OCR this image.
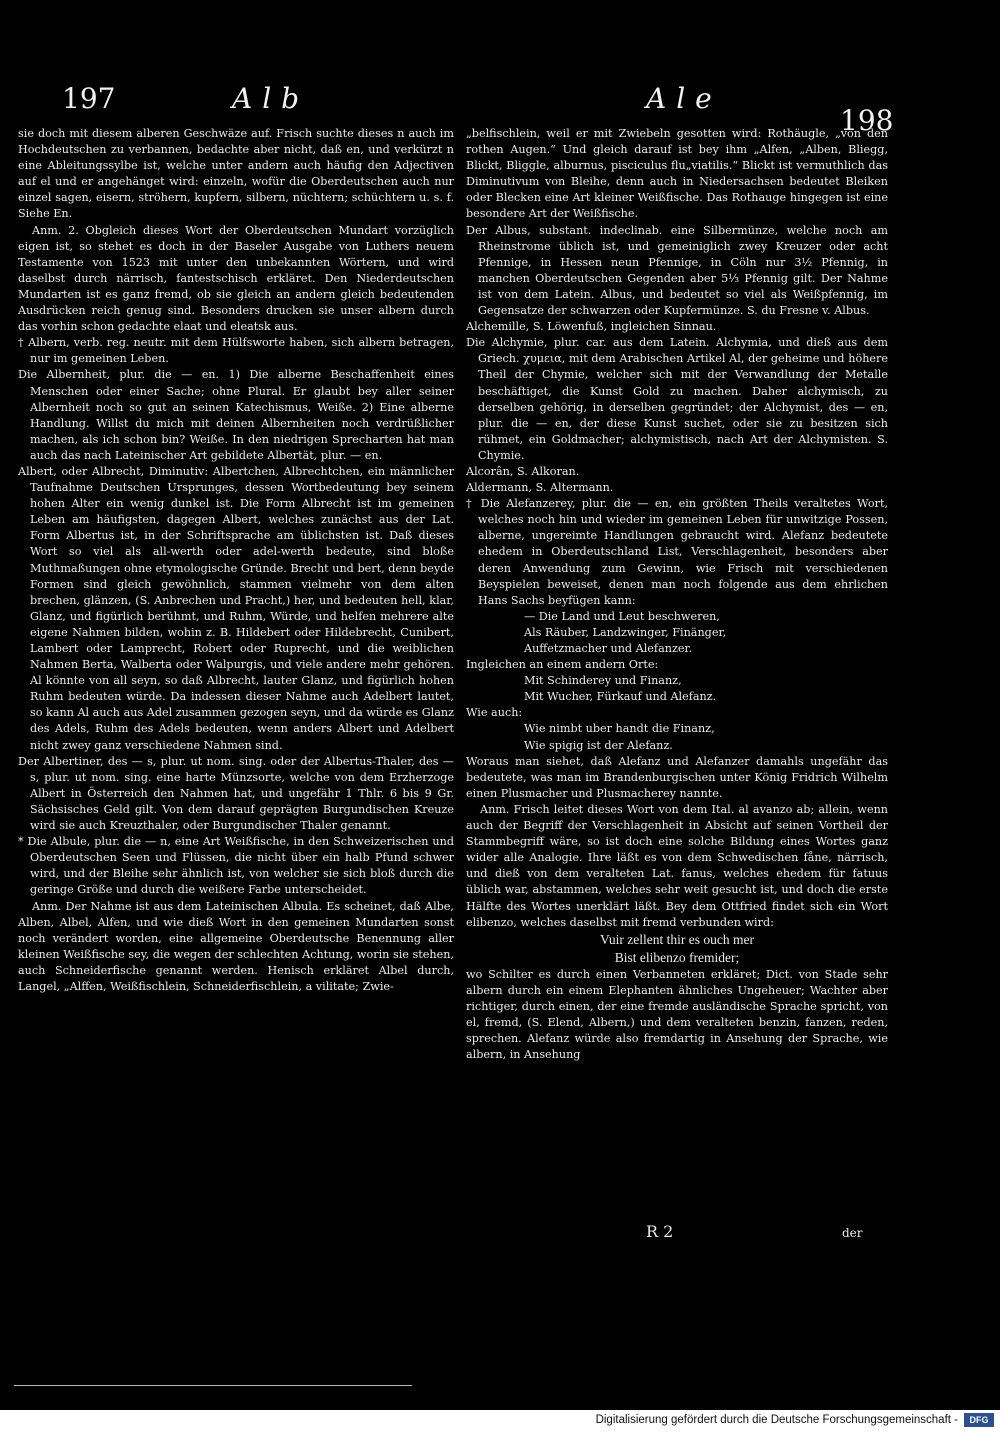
197	Alb	Ale
198

sie doch mit diesem alberen Geschwäze auf. Frisch suchte dieses n auch im Hochdeutschen zu verbannen, bedachte aber nicht, daß en, und verkürzt n eine Ableitungssylbe ist, welche unter andern auch häufig den Adjectiven auf el und er angehänget wird: einzeln, wofür die Oberdeutschen auch nur einzel sagen, eisern, ströhern, kupfern, silbern, nüchtern; schüchtern u. s. f. Siehe En.

Anm. 2. Obgleich dieses Wort der Oberdeutschen Mundart vorzüglich eigen ist, so stehet es doch in der Baseler Ausgabe von Luthers neuem Testamente von 1523 mit unter den unbekannten Wörtern, und wird daselbst durch närrisch, fantestschisch erkläret. Den Niederdeutschen Mundarten ist es ganz fremd, ob sie gleich an andern gleich bedeutenden Ausdrücken reich genug sind. Besonders drucken sie unser albern durch das vorhin schon gedachte elaat und eleatsk aus.

† Albern, verb. reg. neutr. mit dem Hülfsworte haben, sich albern betragen, nur im gemeinen Leben.

Die Albernheit, plur. die — en. 1) Die alberne Beschaffenheit eines Menschen oder einer Sache; ohne Plural. Er glaubt bey aller seiner Albernheit noch so gut an seinen Katechismus, Weiße. 2) Eine alberne Handlung. Willst du mich mit deinen Albernheiten noch verdrüßlicher machen, als ich schon bin? Weiße. In den niedrigen Sprecharten hat man auch das nach Lateinischer Art gebildete Albertät, plur. — en.

Albert, oder Albrecht, Diminutiv: Albertchen, Albrechtchen, ein männlicher Taufnahme Deutschen Ursprunges, dessen Wortbedeutung bey seinem hohen Alter ein wenig dunkel ist. Die Form Albrecht ist im gemeinen Leben am häufigsten, dagegen Albert, welches zunächst aus der Lat. Form Albertus ist, in der Schriftsprache am üblichsten ist. Daß dieses Wort so viel als all-werth oder adel-werth bedeute, sind bloße Muthmaßungen ohne etymologische Gründe. Brecht und bert, denn beyde Formen sind gleich gewöhnlich, stammen vielmehr von dem alten brechen, glänzen, (S. Anbrechen und Pracht,) her, und bedeuten hell, klar, Glanz, und figürlich berühmt, und Ruhm, Würde, und helfen mehrere alte eigene Nahmen bilden, wohin z. B. Hildebert oder Hildebrecht, Cunibert, Lambert oder Lamprecht, Robert oder Ruprecht, und die weiblichen Nahmen Berta, Walberta oder Walpurgis, und viele andere mehr gehören. Al könnte von all seyn, so daß Albrecht, lauter Glanz, und figürlich hohen Ruhm bedeuten würde. Da indessen dieser Nahme auch Adelbert lautet, so kann Al auch aus Adel zusammen gezogen seyn, und da würde es Glanz des Adels, Ruhm des Adels bedeuten, wenn anders Albert und Adelbert nicht zwey ganz verschiedene Nahmen sind.

Der Albertiner, des — s, plur. ut nom. sing. oder der Albertus-Thaler, des — s, plur. ut nom. sing. eine harte Münzsorte, welche von dem Erzherzoge Albert in Österreich den Nahmen hat, und ungefähr 1 Thlr. 6 bis 9 Gr. Sächsisches Geld gilt. Von dem darauf geprägten Burgundischen Kreuze wird sie auch Kreuzthaler, oder Burgundischer Thaler genannt.

* Die Albule, plur. die — n, eine Art Weißfische, in den Schweizerischen und Oberdeutschen Seen und Flüssen, die nicht über ein halb Pfund schwer wird, und der Bleihe sehr ähnlich ist, von welcher sie sich bloß durch die geringe Größe und durch die weißere Farbe unterscheidet.

Anm. Der Nahme ist aus dem Lateinischen Albula. Es scheinet, daß Albe, Alben, Albel, Alfen, und wie dieß Wort in den gemeinen Mundarten sonst noch verändert worden, eine allgemeine Oberdeutsche Benennung aller kleinen Weißfische sey, die wegen der schlechten Achtung, worin sie stehen, auch Schneiderfische genannt werden. Henisch erkläret Albel durch, Langel, „Alffen, Weißfischlein, Schneiderfischlein, a vilitate; Zwie-

„belfischlein, weil er mit Zwiebeln gesotten wird: Rothäugle, „von den rothen Augen.“ Und gleich darauf ist bey ihm „Alfen, „Alben, Bliegg, Blickt, Bliggle, alburnus, pisciculus flu„viatilis.“ Blickt ist vermuthlich das Diminutivum von Bleihe, denn auch in Niedersachsen bedeutet Bleiken oder Blecken eine Art kleiner Weißfische. Das Rothauge hingegen ist eine besondere Art der Weißfische.

Der Albus, substant. indeclinab. eine Silbermünze, welche noch am Rheinstrome üblich ist, und gemeiniglich zwey Kreuzer oder acht Pfennige, in Hessen neun Pfennige, in Cöln nur 3½ Pfennig, in manchen Oberdeutschen Gegenden aber 5⅓ Pfennig gilt. Der Nahme ist von dem Latein. Albus, und bedeutet so viel als Weißpfennig, im Gegensatze der schwarzen oder Kupfermünze. S. du Fresne v. Albus.

Alchemille, S. Löwenfuß, ingleichen Sinnau.

Die Alchymie, plur. car. aus dem Latein. Alchymia, und dieß aus dem Griech. χυμεια, mit dem Arabischen Artikel Al, der geheime und höhere Theil der Chymie, welcher sich mit der Verwandlung der Metalle beschäftiget, die Kunst Gold zu machen. Daher alchymisch, zu derselben gehörig, in derselben gegründet; der Alchymist, des — en, plur. die — en, der diese Kunst suchet, oder sie zu besitzen sich rühmet, ein Goldmacher; alchymistisch, nach Art der Alchymisten. S. Chymie.

Alcorân, S. Alkoran.

Aldermann, S. Altermann.

† Die Alefanzerey, plur. die — en, ein größten Theils veraltetes Wort, welches noch hin und wieder im gemeinen Leben für unwitzige Possen, alberne, ungereimte Handlungen gebraucht wird. Alefanz bedeutete ehedem in Oberdeutschland List, Verschlagenheit, besonders aber deren Anwendung zum Gewinn, wie Frisch mit verschiedenen Beyspielen beweiset, denen man noch folgende aus dem ehrlichen Hans Sachs beyfügen kann:

— Die Land und Leut beschweren,

Als Räuber, Landzwinger, Finänger,

Auffetzmacher und Alefanzer.

Ingleichen an einem andern Orte:

Mit Schinderey und Finanz,

Mit Wucher, Fürkauf und Alefanz.

Wie auch:

Wie nimbt uber handt die Finanz,

Wie spigig ist der Alefanz.

Woraus man siehet, daß Alefanz und Alefanzer damahls ungefähr das bedeutete, was man im Brandenburgischen unter König Fridrich Wilhelm einen Plusmacher und Plusmacherey nannte.

Anm. Frisch leitet dieses Wort von dem Ital. al avanzo ab; allein, wenn auch der Begriff der Verschlagenheit in Absicht auf seinen Vortheil der Stammbegriff wäre, so ist doch eine solche Bildung eines Wortes ganz wider alle Analogie. Ihre läßt es von dem Schwedischen fåne, närrisch, und dieß von dem veralteten Lat. fanus, welches ehedem für fatuus üblich war, abstammen, welches sehr weit gesucht ist, und doch die erste Hälfte des Wortes unerklärt läßt. Bey dem Ottfried findet sich ein Wort elibenzo, welches daselbst mit fremd verbunden wird:

Vuir zellent thir es ouch mer

Bist elibenzo fremider;

wo Schilter es durch einen Verbanneten erkläret; Dict. von Stade sehr albern durch ein einem Elephanten ähnliches Ungeheuer; Wachter aber richtiger, durch einen, der eine fremde ausländische Sprache spricht, von el, fremd, (S. Elend, Albern,) und dem veralteten benzin, fanzen, reden, sprechen. Alefanz würde also fremdartig in Ansehung der Sprache, wie albern, in Ansehung

R 2	der
Digitalisierung gefördert durch die Deutsche Forschungsgemeinschaft -	DFG
